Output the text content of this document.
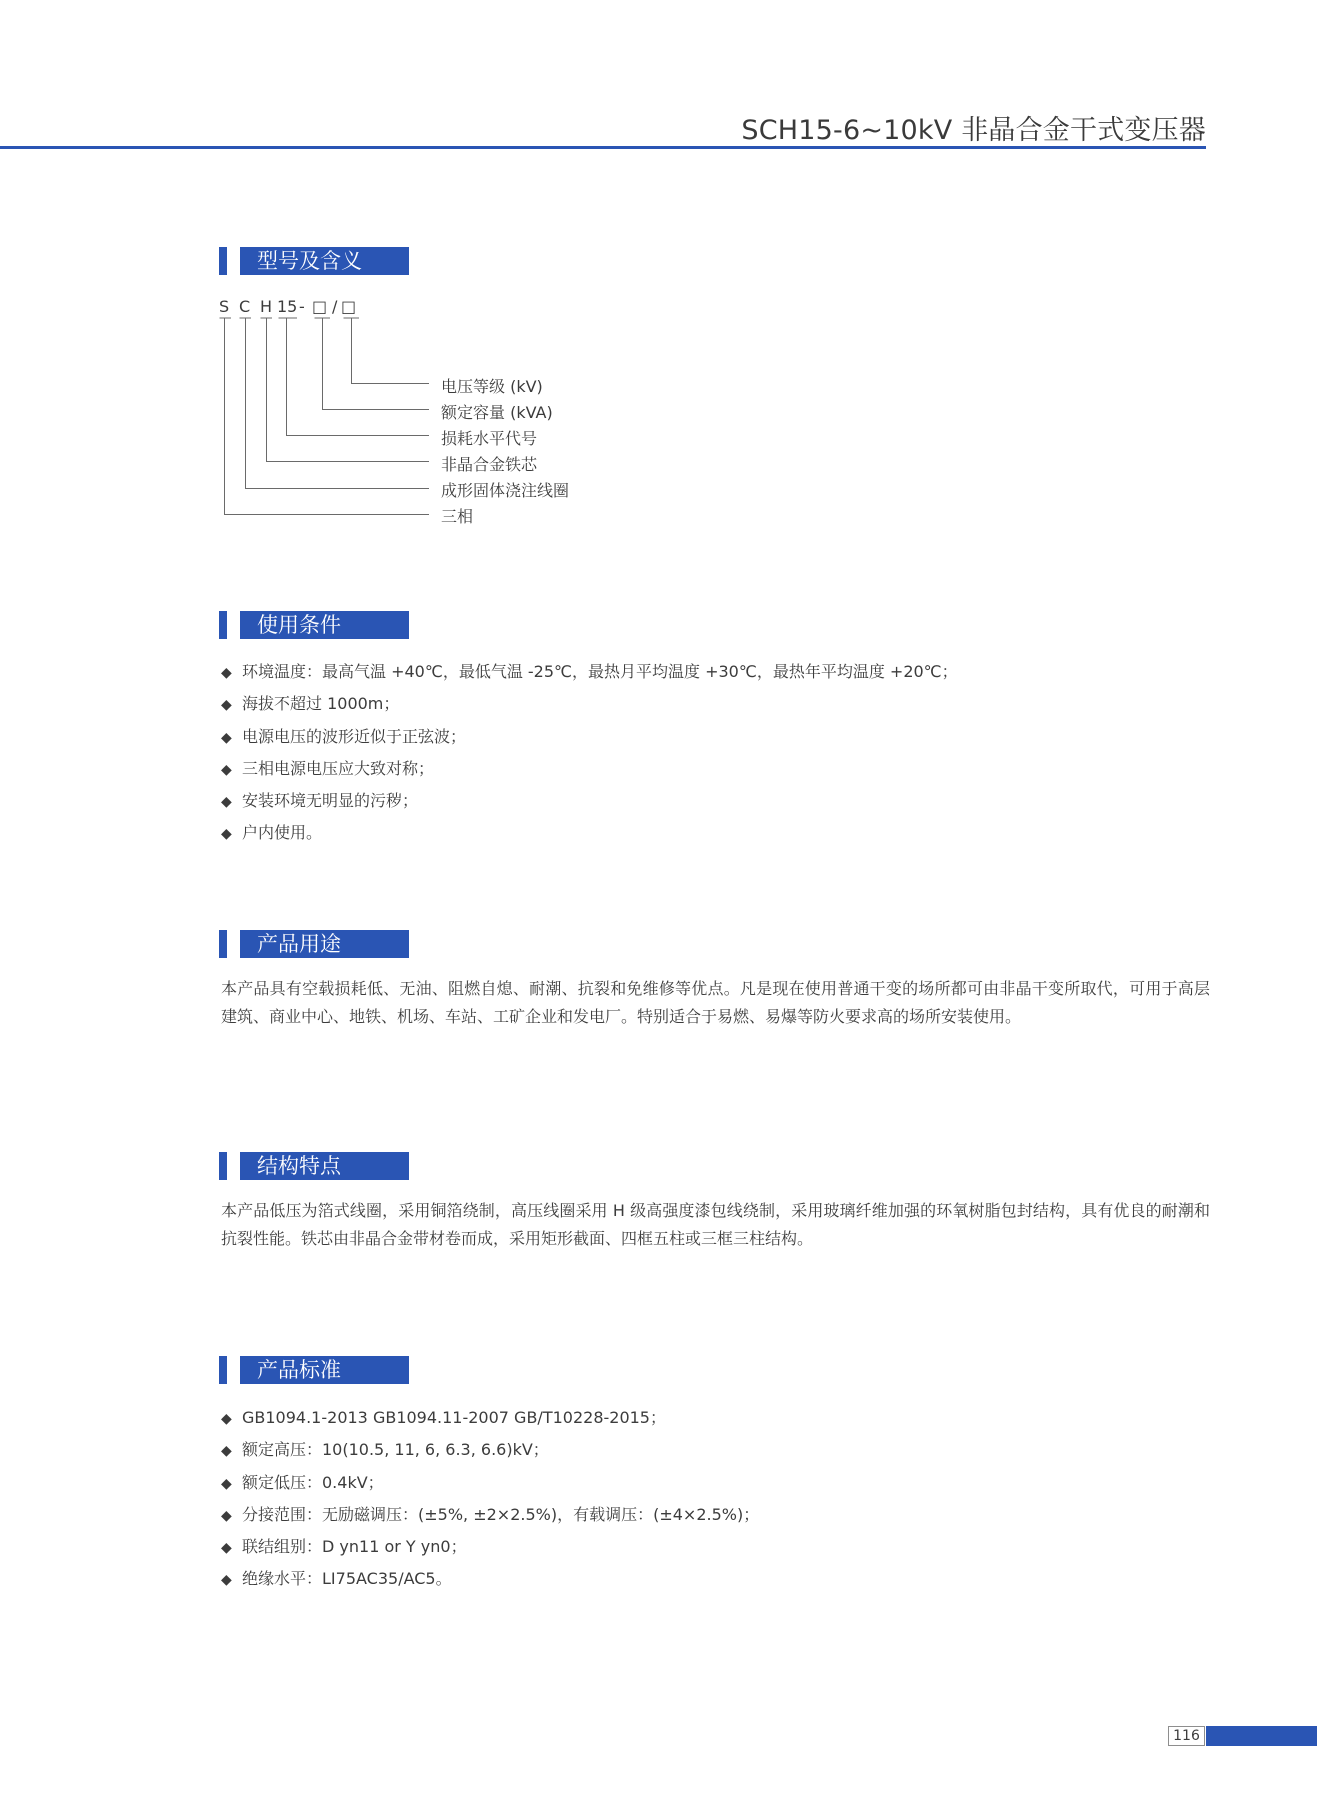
SCH15-6~10kV 非晶合金干式变压器
型号及含义
S C H 15 - □ / □
电压等级 (kV)
额定容量 (kVA)
损耗水平代号
非晶合金铁芯
成形固体浇注线圈
三相
使用条件
◆ 环境温度：最高气温 +40℃，最低气温 -25℃，最热月平均温度 +30℃，最热年平均温度 +20℃；
◆ 海拔不超过 1000m；
◆ 电源电压的波形近似于正弦波；
◆ 三相电源电压应大致对称；
◆ 安装环境无明显的污秽；
◆ 户内使用。
产品用途

本产品具有空载损耗低、无油、阻燃自熄、耐潮、抗裂和免维修等优点。凡是现在使用普通干变的场所都可由非晶干变所取代，可用于高层建筑、商业中心、地铁、机场、车站、工矿企业和发电厂。特别适合于易燃、易爆等防火要求高的场所安装使用。

结构特点

本产品低压为箔式线圈，采用铜箔绕制，高压线圈采用 H 级高强度漆包线绕制，采用玻璃纤维加强的环氧树脂包封结构，具有优良的耐潮和抗裂性能。铁芯由非晶合金带材卷而成，采用矩形截面、四框五柱或三框三柱结构。

产品标准
◆ GB1094.1-2013 GB1094.11-2007 GB/T10228-2015；
◆ 额定高压：10(10.5, 11, 6, 6.3, 6.6)kV；
◆ 额定低压：0.4kV；
◆ 分接范围：无励磁调压：(±5%, ±2×2.5%)，有载调压：(±4×2.5%)；
◆ 联结组别：D yn11 or Y yn0；
◆ 绝缘水平：LI75AC35/AC5。
116
